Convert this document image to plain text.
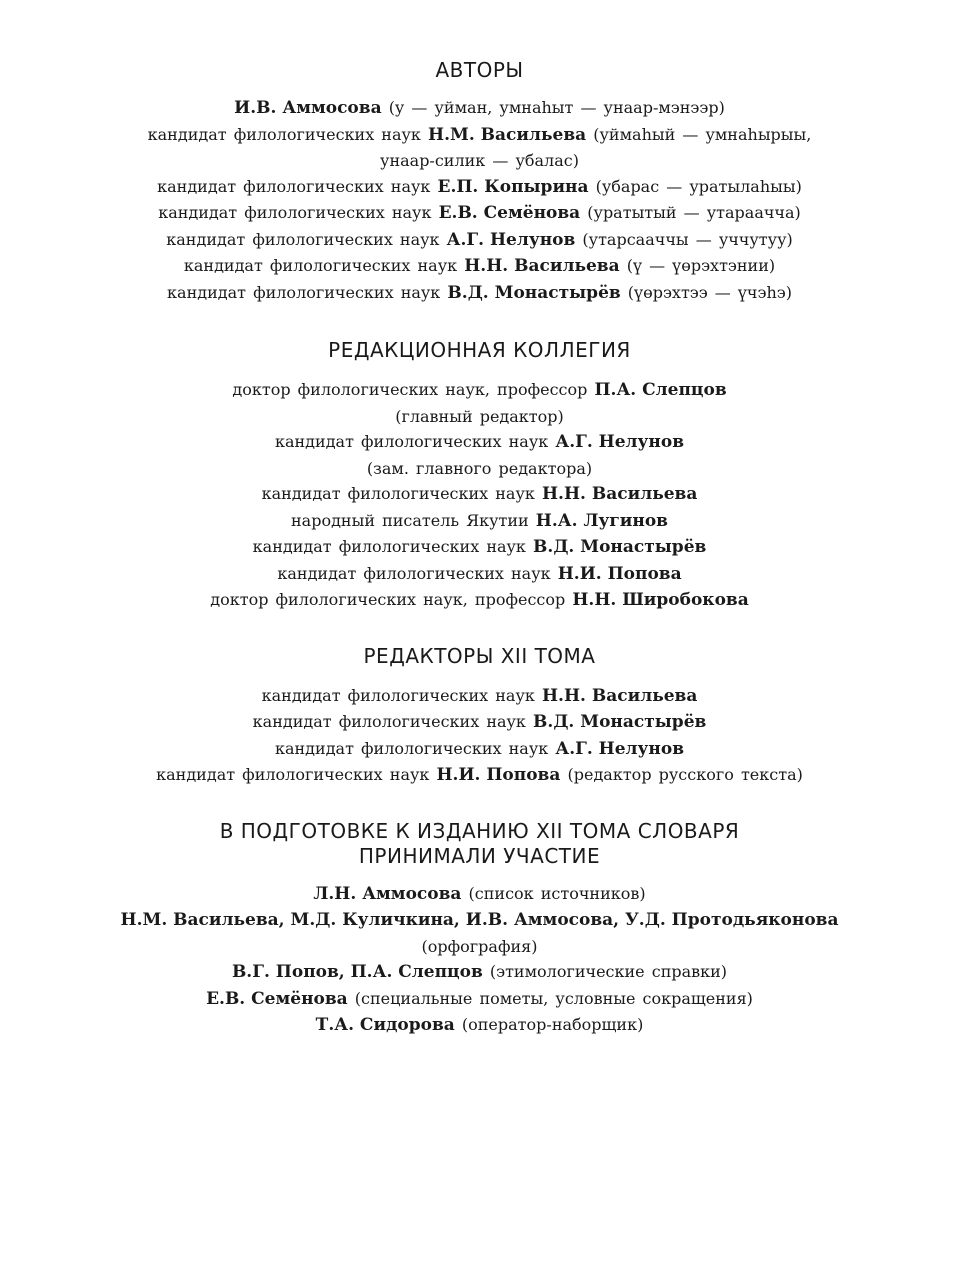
АВТОРЫ
И.В. Аммосова (у — уйман, умнаһыт — унаар-мэнээр)
кандидат филологических наук Н.М. Васильева (уймаһый — умнаһырыы,
унаар-силик — убалас)
кандидат филологических наук Е.П. Копырина (убарас — уратылаһыы)
кандидат филологических наук Е.В. Семёнова (уратытый — утараачча)
кандидат филологических наук А.Г. Нелунов (утарсааччы — уччутуу)
кандидат филологических наук Н.Н. Васильева (ү — үөрэхтэнии)
кандидат филологических наук В.Д. Монастырёв (үөрэхтээ — үчэһэ)
РЕДАКЦИОННАЯ КОЛЛЕГИЯ
доктор филологических наук, профессор П.А. Слепцов
(главный редактор)
кандидат филологических наук А.Г. Нелунов
(зам. главного редактора)
кандидат филологических наук Н.Н. Васильева
народный писатель Якутии Н.А. Лугинов
кандидат филологических наук В.Д. Монастырёв
кандидат филологических наук Н.И. Попова
доктор филологических наук, профессор Н.Н. Широбокова
РЕДАКТОРЫ XII ТОМА
кандидат филологических наук Н.Н. Васильева
кандидат филологических наук В.Д. Монастырёв
кандидат филологических наук А.Г. Нелунов
кандидат филологических наук Н.И. Попова (редактор русского текста)
В ПОДГОТОВКЕ К ИЗДАНИЮ XII ТОМА СЛОВАРЯ
ПРИНИМАЛИ УЧАСТИЕ
Л.Н. Аммосова (список источников)
Н.М. Васильева, М.Д. Куличкина, И.В. Аммосова, У.Д. Протодьяконова
(орфография)
В.Г. Попов, П.А. Слепцов (этимологические справки)
Е.В. Семёнова (специальные пометы, условные сокращения)
Т.А. Сидорова (оператор-наборщик)
